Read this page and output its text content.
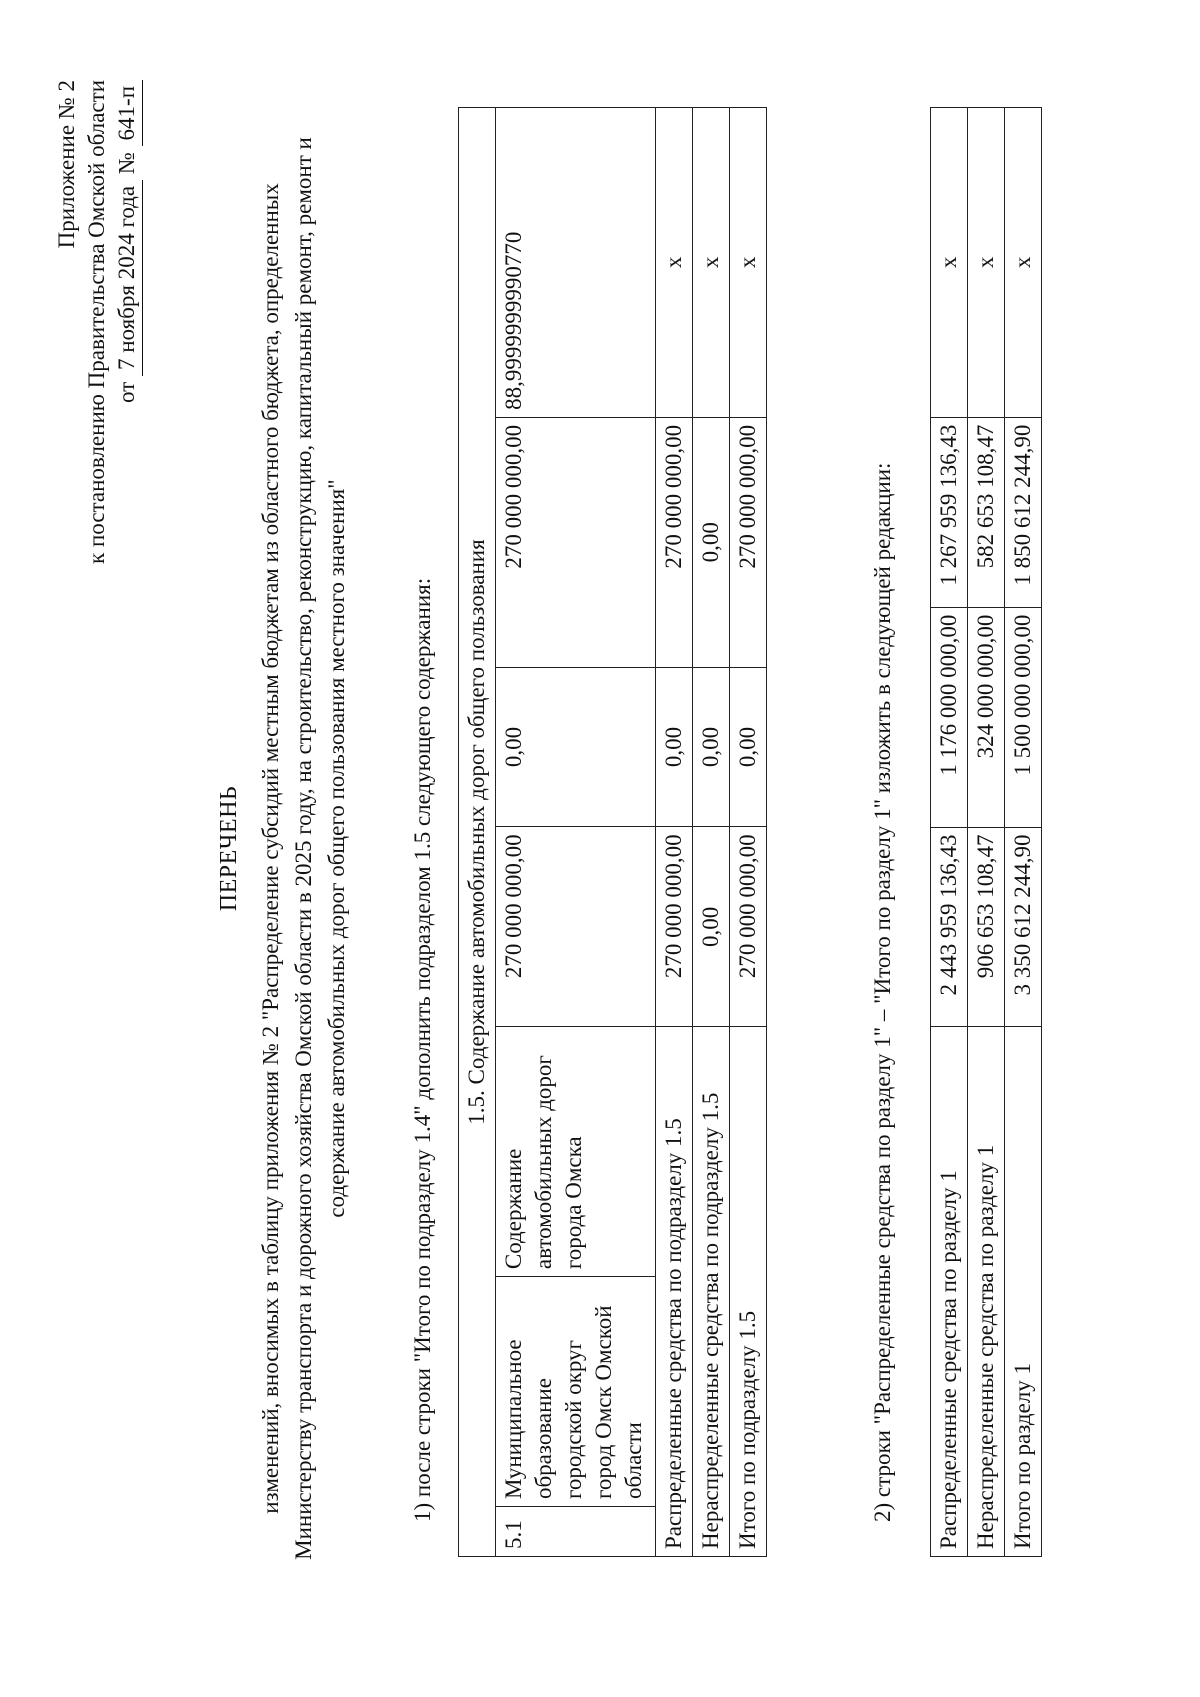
Приложение № 2 к постановлению Правительства Омской области от 7 ноября 2024 года № 641-п
ПЕРЕЧЕНЬ изменений, вносимых в таблицу приложения № 2 "Распределение субсидий местным бюджетам из областного бюджета, определенных Министерству транспорта и дорожного хозяйства Омской области в 2025 году, на строительство, реконструкцию, капитальный ремонт, ремонт и содержание автомобильных дорог общего пользования местного значения"	1) после строки "Итого по подразделу 1.4" дополнить подразделом 1.5 следующего содержания: 1.5. Содержание автомобильных дорог общего пользования						
5.1	Муниципальное образование городской округ город Омск Омской области	Содержание автомобильных дорог города Омска	270 000 000,00	0,00	270 000 000,00	88,9999999990770
Распределенные средства по подразделу 1.5			270 000 000,00	0,00	270 000 000,00	x
Нераспределенные средства по подразделу 1.5			0,00	0,00	0,00	x
Итого по подразделу 1.5			270 000 000,00	0,00	270 000 000,00	x
2) строки "Распределенные средства по разделу 1" – "Итого по разделу 1" изложить в следующей редакции: Распределенные средства по разделу 1	2 443 959 136,43	1 176 000 000,00	1 267 959 136,43	x
Нераспределенные средства по разделу 1	906 653 108,47	324 000 000,00	582 653 108,47	x
Итого по разделу 1	3 350 612 244,90	1 500 000 000,00	1 850 612 244,90	x
